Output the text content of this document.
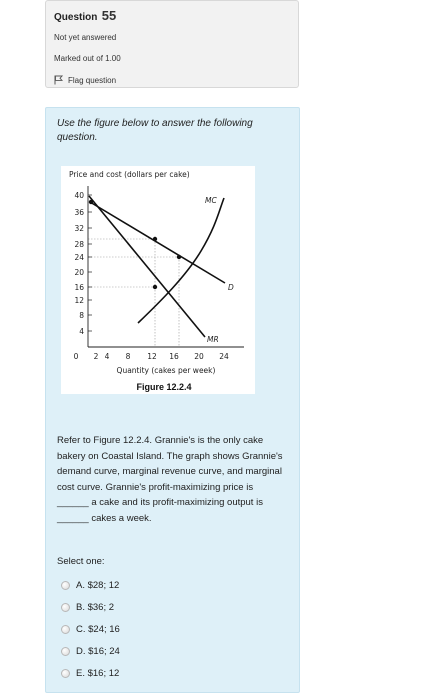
Question 55
Not yet answered
Marked out of 1.00
Flag question
Use the figure below to answer the following question.
Price and cost (dollars per cake)
4
8
12
16
20
24
28
32
36
40
0 2 4 8 12 16 20 24
Quantity (cakes per week)
MC
D
MR
Figure 12.2.4
Refer to Figure 12.2.4. Grannie's is the only cake bakery on Coastal Island. The graph shows Grannie's demand curve, marginal revenue curve, and marginal cost curve. Grannie's profit-maximizing price is ______ a cake and its profit-maximizing output is ______ cakes a week.
Select one:
A. $28; 12
B. $36; 2
C. $24; 16
D. $16; 24
E. $16; 12
